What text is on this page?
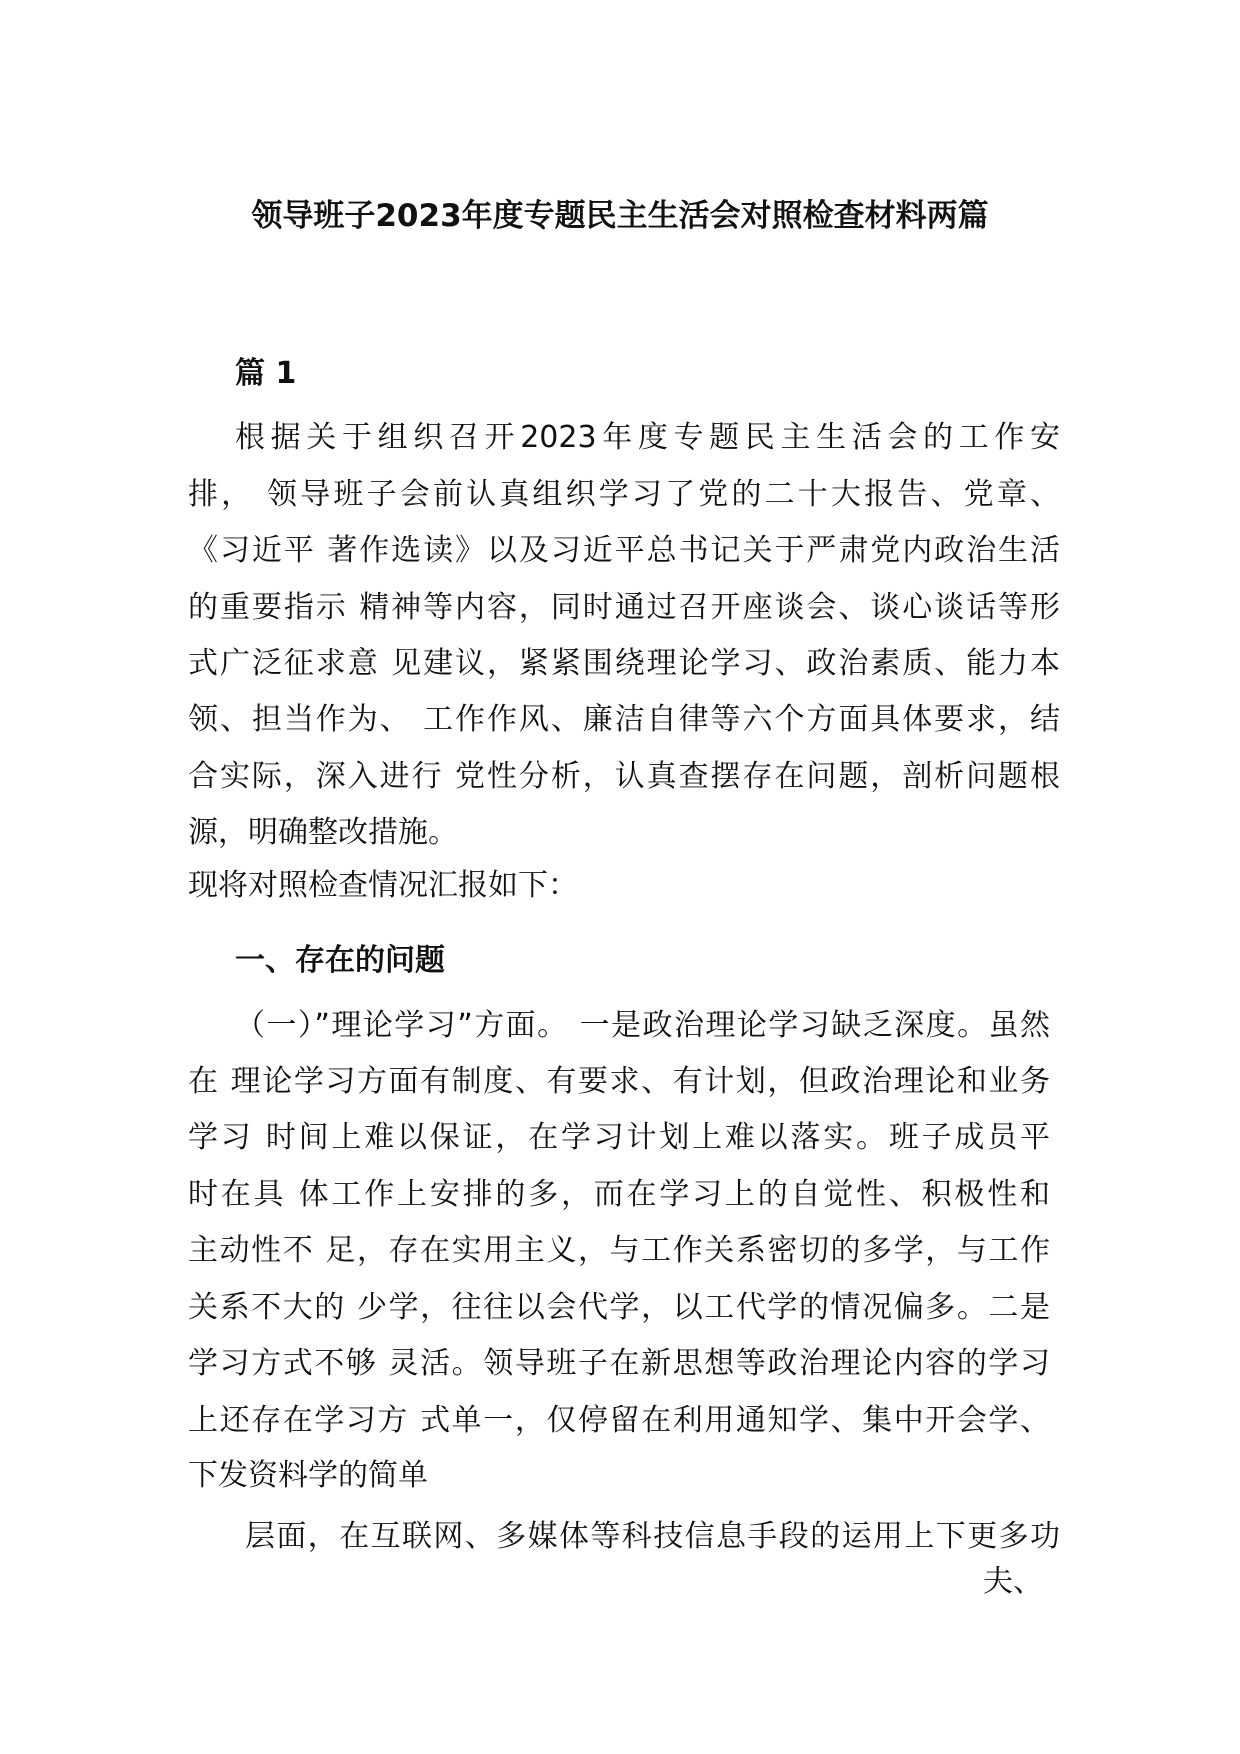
领导班子2023年度专题民主生活会对照检查材料两篇
篇 1
根据关于组织召开2023年度专题民主生活会的工作安
排， 领导班子会前认真组织学习了党的二十大报告、党章、
《习近平 著作选读》以及习近平总书记关于严肃党内政治生活
的重要指示 精神等内容，同时通过召开座谈会、谈心谈话等形
式广泛征求意 见建议，紧紧围绕理论学习、政治素质、能力本
领、担当作为、 工作作风、廉洁自律等六个方面具体要求，结
合实际，深入进行 党性分析，认真查摆存在问题，剖析问题根
源，明确整改措施。
现将对照检查情况汇报如下：
一、存在的问题
（一）”理论学习”方面。 一是政治理论学习缺乏深度。虽然
在 理论学习方面有制度、有要求、有计划，但政治理论和业务
学习 时间上难以保证，在学习计划上难以落实。班子成员平
时在具 体工作上安排的多，而在学习上的自觉性、积极性和
主动性不 足，存在实用主义，与工作关系密切的多学，与工作
关系不大的 少学，往往以会代学，以工代学的情况偏多。二是
学习方式不够 灵活。领导班子在新思想等政治理论内容的学习
上还存在学习方 式单一，仅停留在利用通知学、集中开会学、
下发资料学的简单
层面，在互联网、多媒体等科技信息手段的运用上下更多功
夫、
